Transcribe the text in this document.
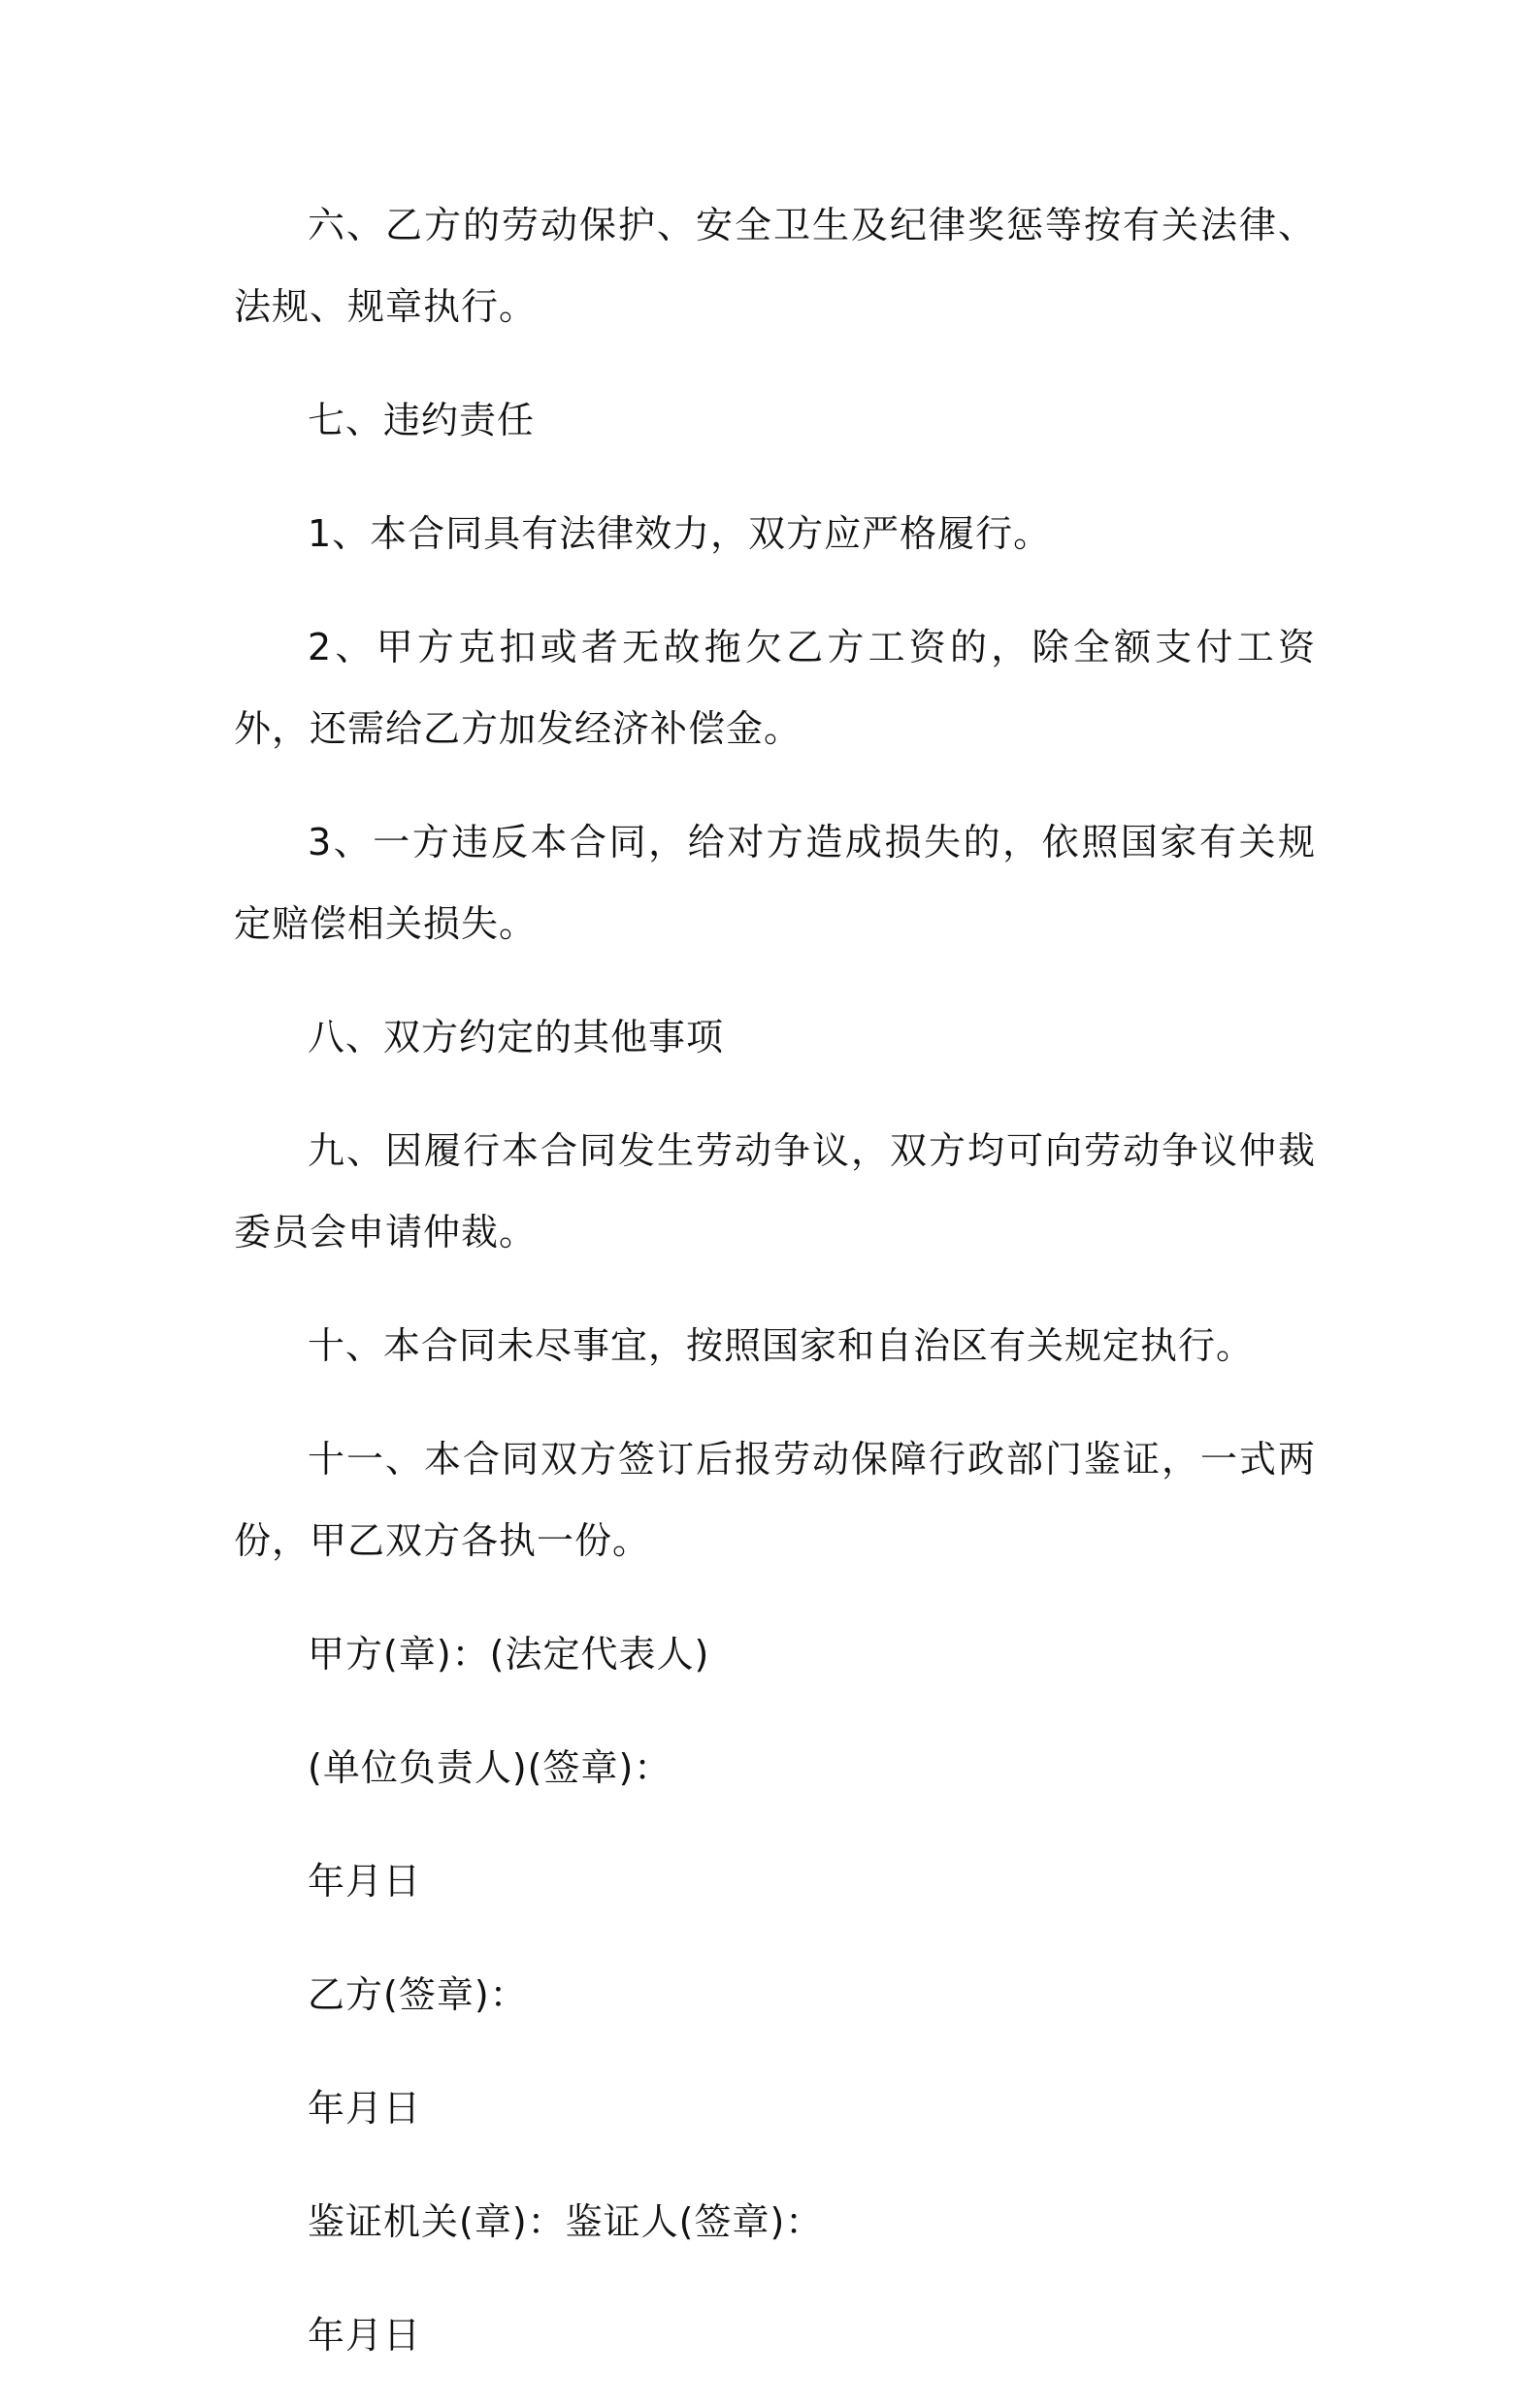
六、乙方的劳动保护、安全卫生及纪律奖惩等按有关法律、法规、规章执行。

七、违约责任

1、本合同具有法律效力，双方应严格履行。

2、甲方克扣或者无故拖欠乙方工资的，除全额支付工资外，还需给乙方加发经济补偿金。

3、一方违反本合同，给对方造成损失的，依照国家有关规定赔偿相关损失。

八、双方约定的其他事项

九、因履行本合同发生劳动争议，双方均可向劳动争议仲裁委员会申请仲裁。

十、本合同未尽事宜，按照国家和自治区有关规定执行。

十一、本合同双方签订后报劳动保障行政部门鉴证，一式两份，甲乙双方各执一份。

甲方(章)：(法定代表人)

(单位负责人)(签章)：

年月日

乙方(签章)：

年月日

鉴证机关(章)：鉴证人(签章)：

年月日
